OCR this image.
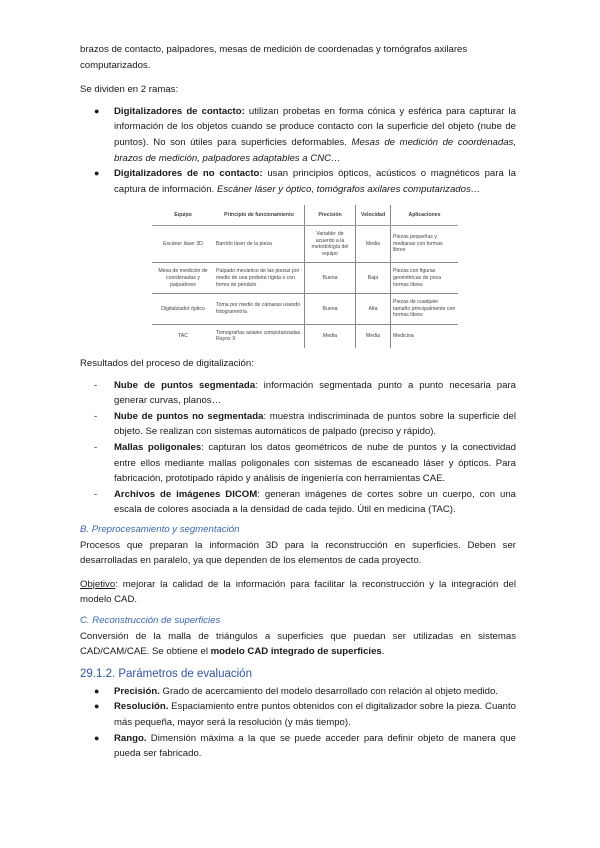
brazos de contacto, palpadores, mesas de medición de coordenadas y tomógrafos axilares
computarizados.

Se dividen en 2 ramas:

● Digitalizadores de contacto: utilizan probetas en forma cónica y esférica para capturar la información de los objetos cuando se produce contacto con la superficie del objeto (nube de puntos). No son útiles para superficies deformables. Mesas de medición de coordenadas, brazos de medición, palpadores adaptables a CNC…
● Digitalizadores de no contacto: usan principios ópticos, acústicos o magnéticos para la captura de información. Escáner láser y óptico, tomógrafos axilares computarizados…
Equipo	Principio de funcionamiento	Precisión	Velocidad	Aplicaciones
Escáner láser 3D	Barrido láser de la pieza	Variable: de acuerdo a la metodología del equipo	Media	Piezas pequeñas y medianas con formas libres
Mesa de medición de coordenadas y palpadores	Palpado mecánico de las piezas por medio de una probeta rígida o con forma de péndulo	Buena	Baja	Piezas con figuras geométricas de poca formas libres
Digitalizador óptico	Toma por medio de cámaras usando fotogrametría	Buena	Alta	Piezas de cualquier tamaño principalmente con formas libres
TAC	Tomografías axiales computarizadas. Rayos X	Media	Media	Medicina

Resultados del proceso de digitalización:

- Nube de puntos segmentada: información segmentada punto a punto necesaria para generar curvas, planos…
- Nube de puntos no segmentada: muestra indiscriminada de puntos sobre la superficie del objeto. Se realizan con sistemas automáticos de palpado (preciso y rápido).
- Mallas poligonales: capturan los datos geométricos de nube de puntos y la conectividad entre ellos mediante mallas poligonales con sistemas de escaneado láser y ópticos. Para fabricación, prototipado rápido y análisis de ingeniería con herramientas CAE.
- Archivos de imágenes DICOM: generan imágenes de cortes sobre un cuerpo, con una escala de colores asociada a la densidad de cada tejido. Útil en medicina (TAC).

B. Preprocesamiento y segmentación

Procesos que preparan la información 3D para la reconstrucción en superficies. Deben ser desarrolladas en paralelo, ya que dependen de los elementos de cada proyecto.

Objetivo: mejorar la calidad de la información para facilitar la reconstrucción y la integración del modelo CAD.

C. Reconstrucción de superficies

Conversión de la malla de triángulos a superficies que puedan ser utilizadas en sistemas CAD/CAM/CAE. Se obtiene el modelo CAD integrado de superficies.

29.1.2. Parámetros de evaluación

● Precisión. Grado de acercamiento del modelo desarrollado con relación al objeto medido.
● Resolución. Espaciamiento entre puntos obtenidos con el digitalizador sobre la pieza. Cuanto más pequeña, mayor será la resolución (y más tiempo).
● Rango. Dimensión máxima a la que se puede acceder para definir objeto de manera que pueda ser fabricado.
